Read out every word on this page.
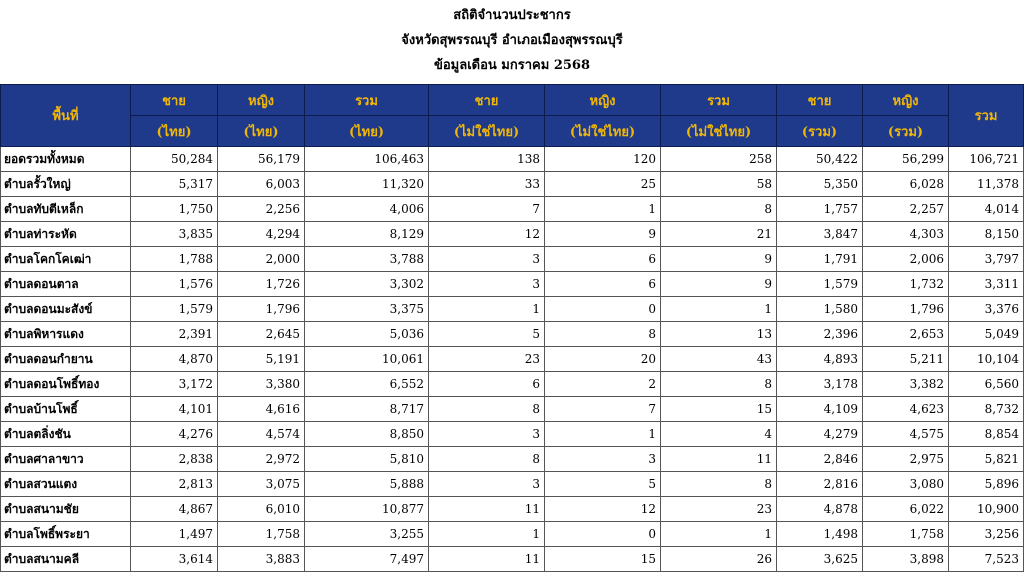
สถิติจำนวนประชากร
จังหวัดสุพรรณบุรี อำเภอเมืองสุพรรณบุรี
ข้อมูลเดือน มกราคม 2568
พื้นที่	ชาย	หญิง	รวม	ชาย	หญิง	รวม	ชาย	หญิง	รวม
	(ไทย)	(ไทย)	(ไทย)	(ไม่ใช่ไทย)	(ไม่ใช่ไทย)	(ไม่ใช่ไทย)	(รวม)	(รวม)	
ยอดรวมทั้งหมด	50,284	56,179	106,463	138	120	258	50,422	56,299	106,721
ตำบลรั้วใหญ่	5,317	6,003	11,320	33	25	58	5,350	6,028	11,378
ตำบลทับตีเหล็ก	1,750	2,256	4,006	7	1	8	1,757	2,257	4,014
ตำบลท่าระหัด	3,835	4,294	8,129	12	9	21	3,847	4,303	8,150
ตำบลโคกโคเฒ่า	1,788	2,000	3,788	3	6	9	1,791	2,006	3,797
ตำบลดอนตาล	1,576	1,726	3,302	3	6	9	1,579	1,732	3,311
ตำบลดอนมะสังข์	1,579	1,796	3,375	1	0	1	1,580	1,796	3,376
ตำบลพิหารแดง	2,391	2,645	5,036	5	8	13	2,396	2,653	5,049
ตำบลดอนกำยาน	4,870	5,191	10,061	23	20	43	4,893	5,211	10,104
ตำบลดอนโพธิ์ทอง	3,172	3,380	6,552	6	2	8	3,178	3,382	6,560
ตำบลบ้านโพธิ์	4,101	4,616	8,717	8	7	15	4,109	4,623	8,732
ตำบลตลิ่งชัน	4,276	4,574	8,850	3	1	4	4,279	4,575	8,854
ตำบลศาลาขาว	2,838	2,972	5,810	8	3	11	2,846	2,975	5,821
ตำบลสวนแตง	2,813	3,075	5,888	3	5	8	2,816	3,080	5,896
ตำบลสนามชัย	4,867	6,010	10,877	11	12	23	4,878	6,022	10,900
ตำบลโพธิ์พระยา	1,497	1,758	3,255	1	0	1	1,498	1,758	3,256
ตำบลสนามคลี	3,614	3,883	7,497	11	15	26	3,625	3,898	7,523
